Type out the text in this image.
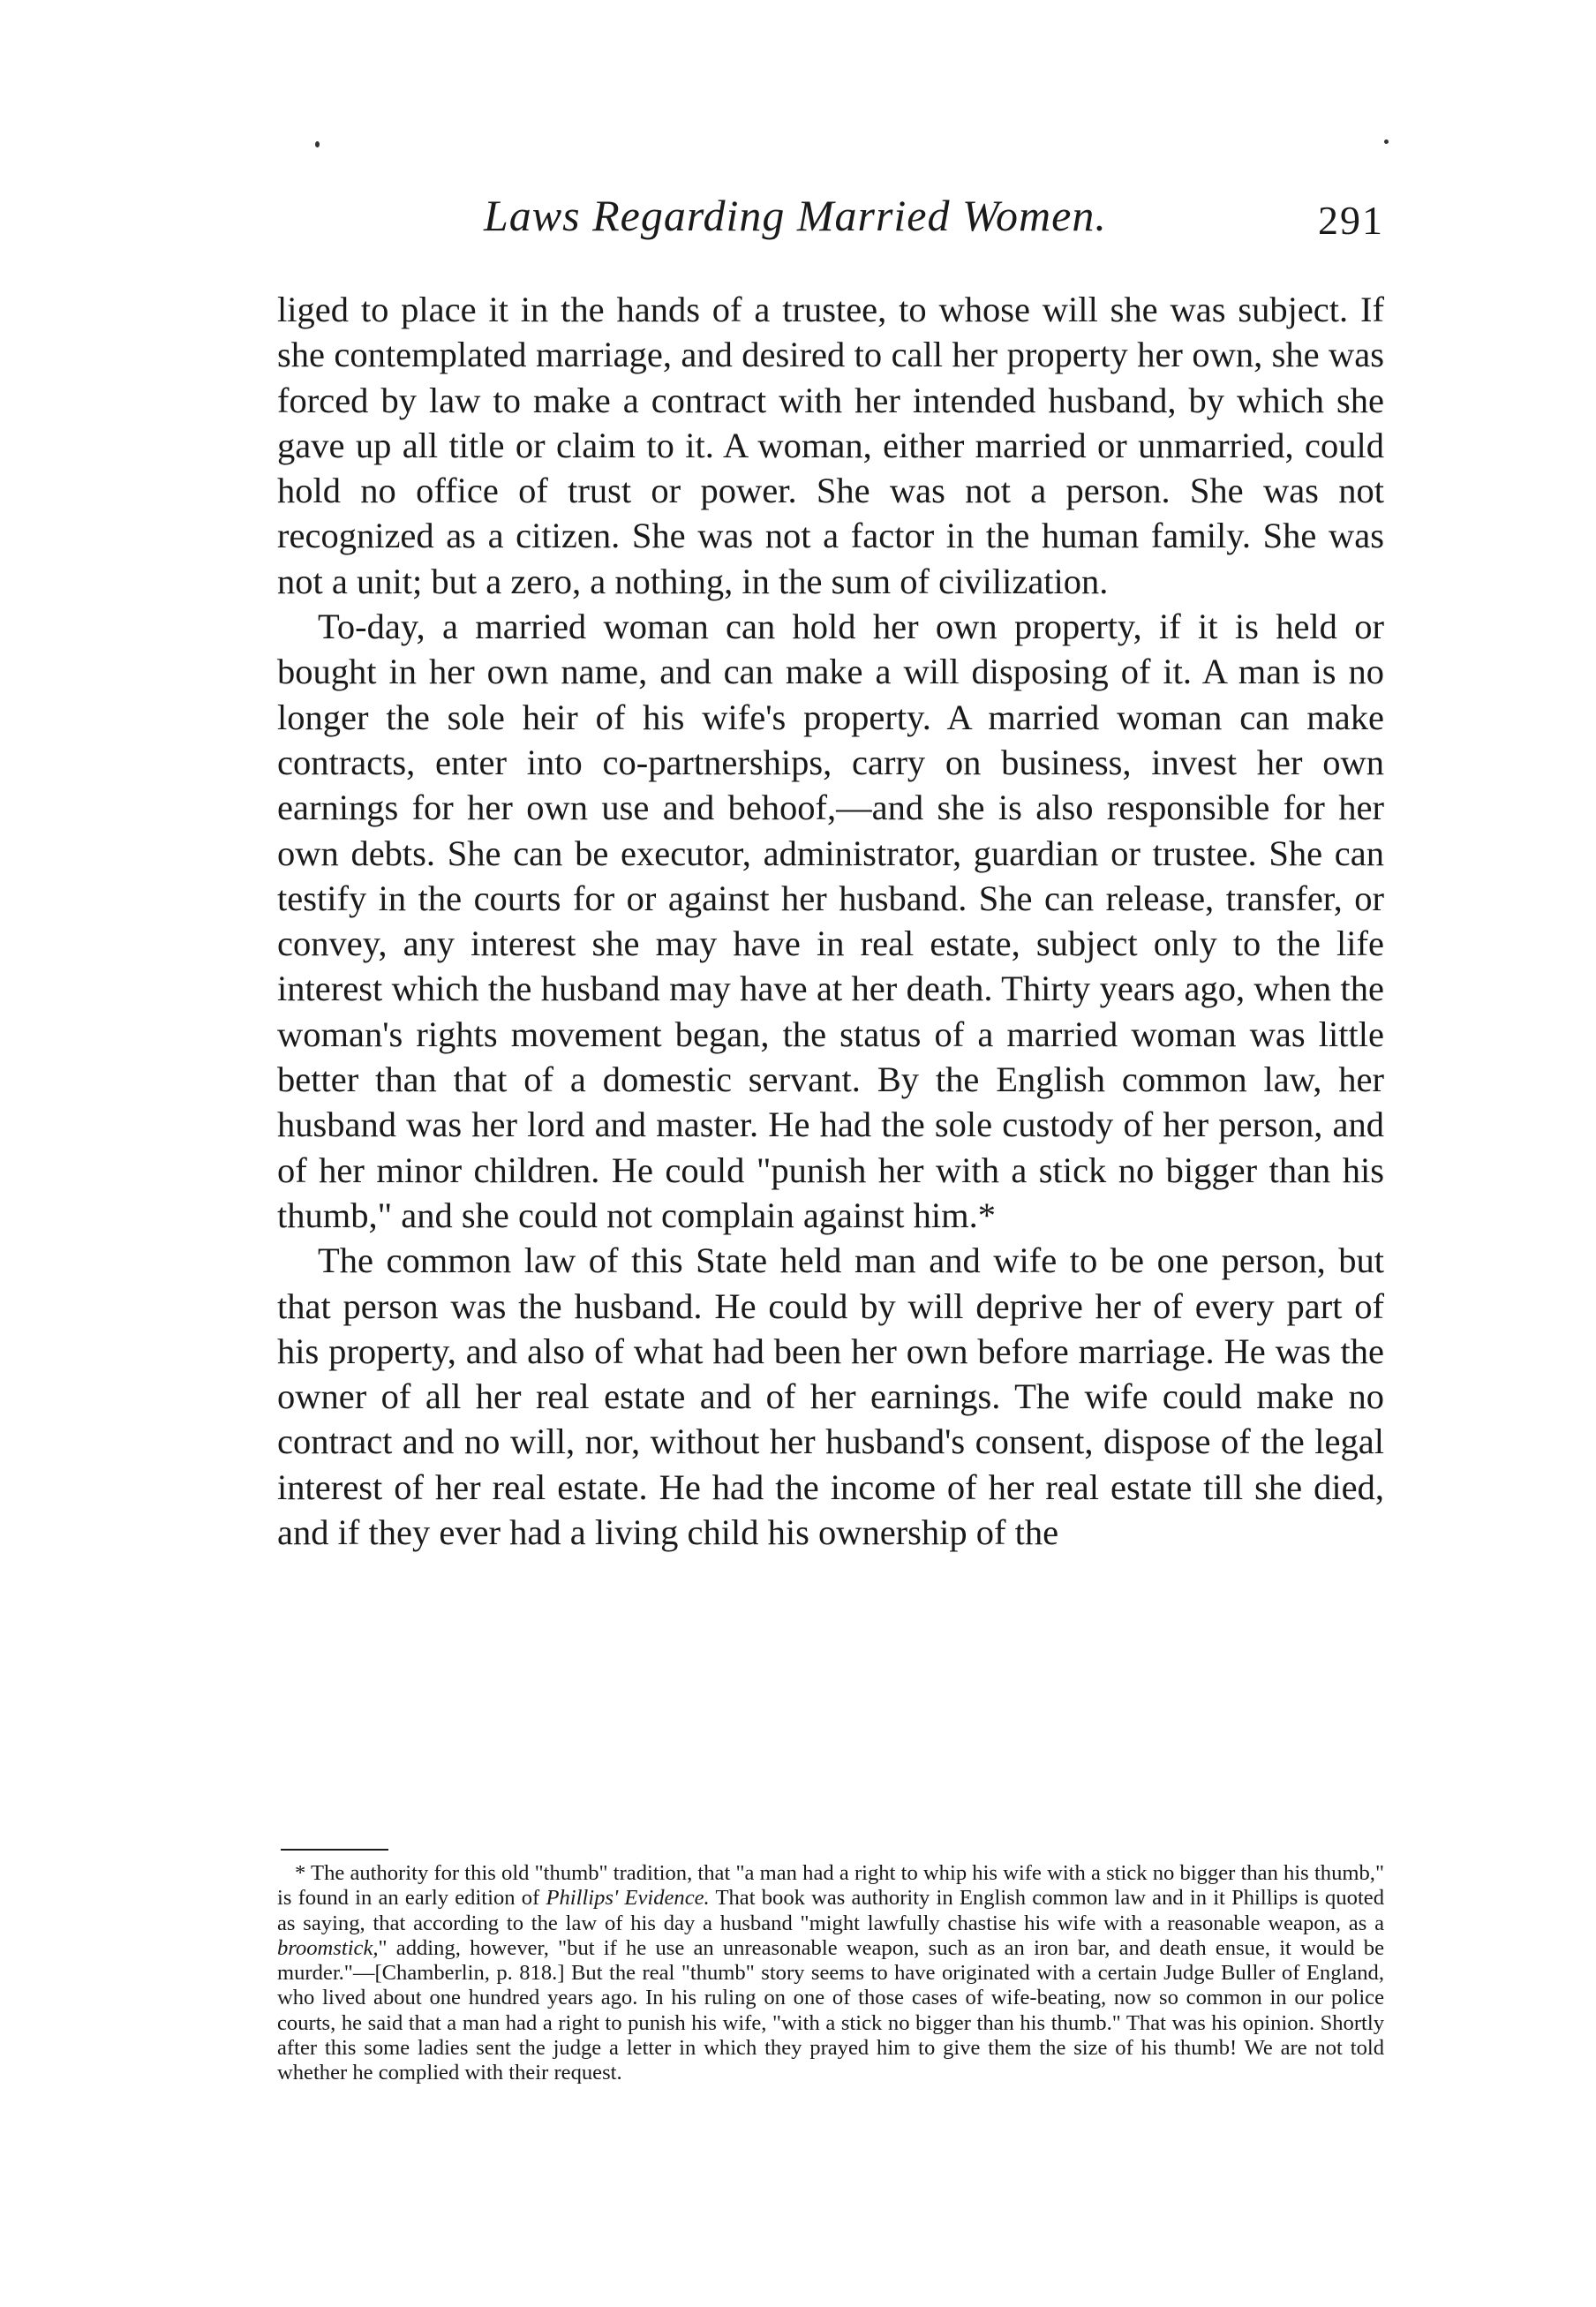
Laws Regarding Married Women.	291

liged to place it in the hands of a trustee, to whose will she was subject. If she contemplated marriage, and desired to call her property her own, she was forced by law to make a contract with her intended husband, by which she gave up all title or claim to it. A woman, either married or unmarried, could hold no office of trust or power. She was not a person. She was not recognized as a citizen. She was not a factor in the human family. She was not a unit; but a zero, a nothing, in the sum of civilization.

To-day, a married woman can hold her own property, if it is held or bought in her own name, and can make a will disposing of it. A man is no longer the sole heir of his wife's property. A married woman can make contracts, enter into co-partnerships, carry on business, invest her own earnings for her own use and behoof,—and she is also responsible for her own debts. She can be executor, administrator, guardian or trustee. She can testify in the courts for or against her husband. She can release, transfer, or convey, any interest she may have in real estate, subject only to the life interest which the husband may have at her death. Thirty years ago, when the woman's rights movement began, the status of a married woman was little better than that of a domestic servant. By the English common law, her husband was her lord and master. He had the sole custody of her person, and of her minor children. He could "punish her with a stick no bigger than his thumb," and she could not complain against him.*

The common law of this State held man and wife to be one person, but that person was the husband. He could by will deprive her of every part of his property, and also of what had been her own before marriage. He was the owner of all her real estate and of her earnings. The wife could make no contract and no will, nor, without her husband's consent, dispose of the legal interest of her real estate. He had the income of her real estate till she died, and if they ever had a living child his ownership of the

* The authority for this old "thumb" tradition, that "a man had a right to whip his wife with a stick no bigger than his thumb," is found in an early edition of Phillips' Evidence. That book was authority in English common law and in it Phillips is quoted as saying, that according to the law of his day a husband "might lawfully chastise his wife with a reasonable weapon, as a broomstick," adding, however, "but if he use an unreasonable weapon, such as an iron bar, and death ensue, it would be murder."—[Chamberlin, p. 818.] But the real "thumb" story seems to have originated with a certain Judge Buller of England, who lived about one hundred years ago. In his ruling on one of those cases of wife-beating, now so common in our police courts, he said that a man had a right to punish his wife, "with a stick no bigger than his thumb." That was his opinion. Shortly after this some ladies sent the judge a letter in which they prayed him to give them the size of his thumb! We are not told whether he complied with their request.
